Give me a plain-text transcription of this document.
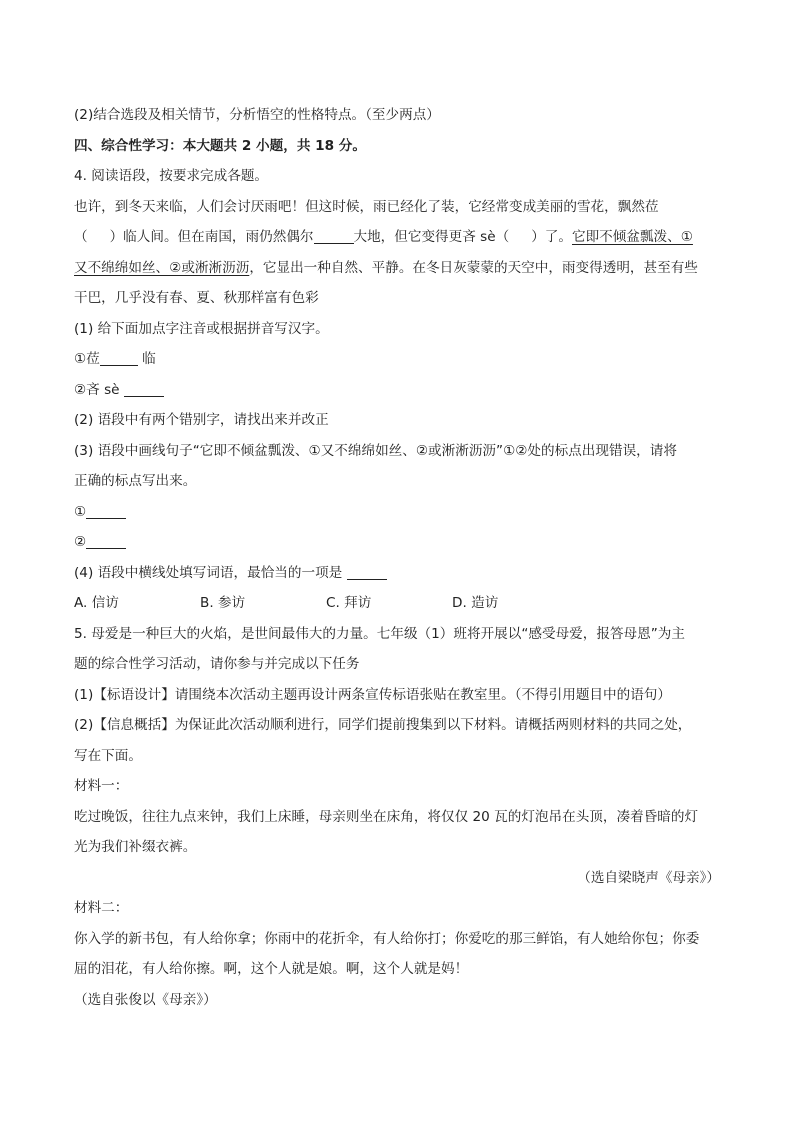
(2)结合选段及相关情节，分析悟空的性格特点。（至少两点）
四、综合性学习：本大题共 2 小题，共 18 分。
4. 阅读语段，按要求完成各题。
也许，到冬天来临，人们会讨厌雨吧！但这时候，雨已经化了装，它经常变成美丽的雪花，飘然莅
（ ）临人间。但在南国，雨仍然偶尔	大地，但它变得更吝 sè（ ）了。它即不倾盆瓢泼、①
又不绵绵如丝、②或淅淅沥沥，它显出一种自然、平静。在冬日灰蒙蒙的天空中，雨变得透明，甚至有些
干巴，几乎没有春、夏、秋那样富有色彩
(1) 给下面加点字注音或根据拼音写汉字。
①莅	临
②吝 sè
(2) 语段中有两个错别字，请找出来并改正
(3) 语段中画线句子“它即不倾盆瓢泼、①又不绵绵如丝、②或淅淅沥沥”①②处的标点出现错误，请将
正确的标点写出来。
①
②
(4) 语段中横线处填写词语，最恰当的一项是
A. 信访	B. 参访	C. 拜访	D. 造访
5. 母爱是一种巨大的火焰，是世间最伟大的力量。七年级（1）班将开展以“感受母爱，报答母恩”为主
题的综合性学习活动，请你参与并完成以下任务
(1)【标语设计】请围绕本次活动主题再设计两条宣传标语张贴在教室里。（不得引用题目中的语句）
(2)【信息概括】为保证此次活动顺利进行，同学们提前搜集到以下材料。请概括两则材料的共同之处，
写在下面。
材料一：
吃过晚饭，往往九点来钟，我们上床睡，母亲则坐在床角，将仅仅 20 瓦的灯泡吊在头顶，凑着昏暗的灯
光为我们补缀衣裤。
（选自梁晓声《母亲》）
材料二：
你入学的新书包，有人给你拿；你雨中的花折伞，有人给你打；你爱吃的那三鲜馅，有人她给你包；你委
屈的泪花，有人给你擦。啊，这个人就是娘。啊，这个人就是妈！
（选自张俊以《母亲》）
